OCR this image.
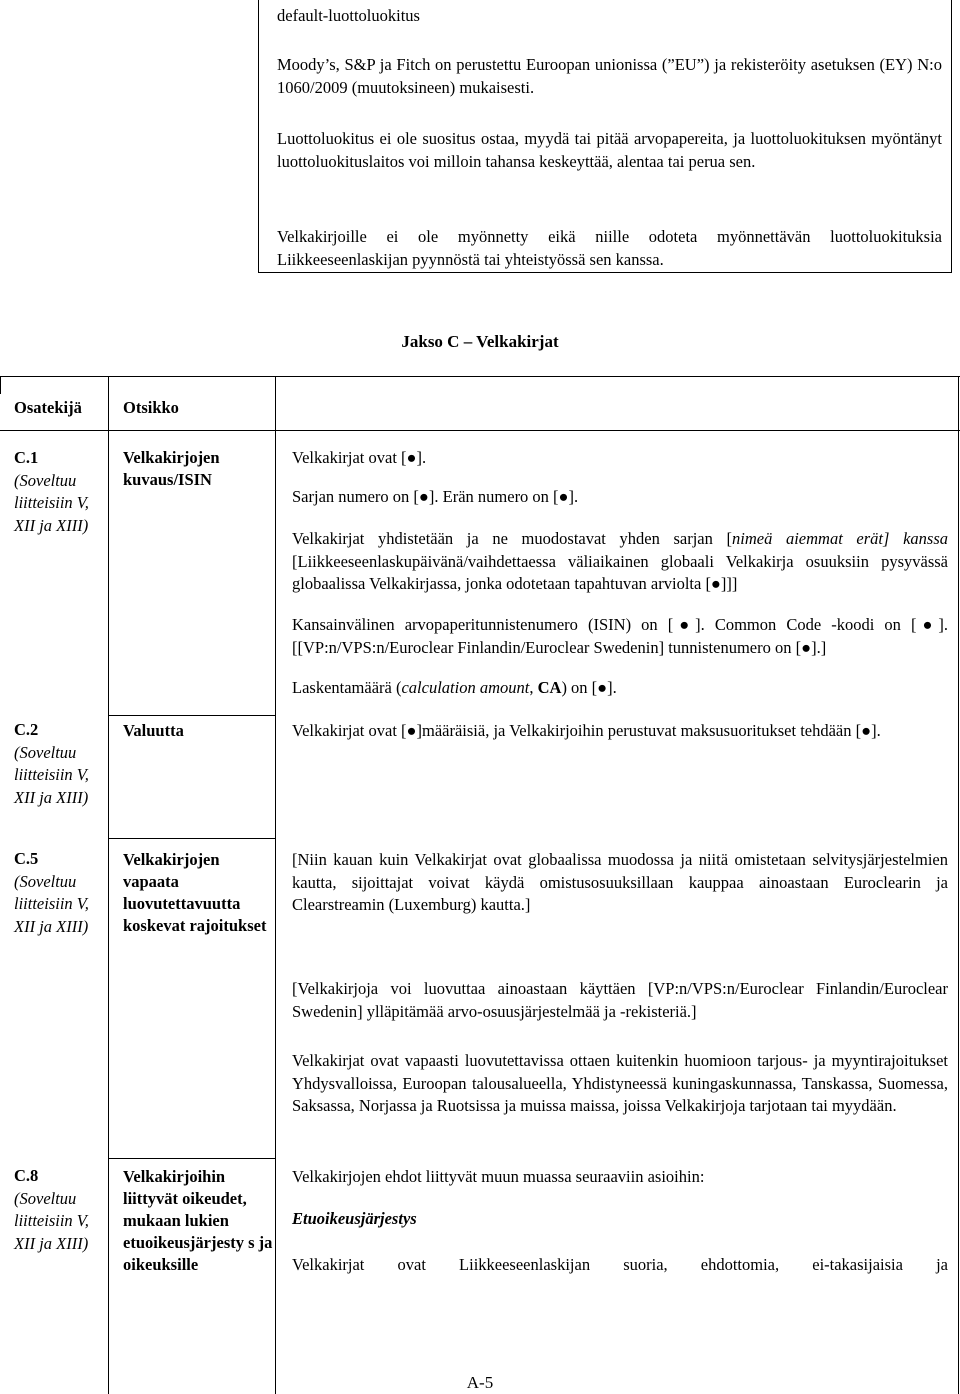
default-luottoluokitus
Moody’s, S&P ja Fitch on perustettu Euroopan unionissa (”EU”) ja rekisteröity asetuksen (EY) N:o 1060/2009 (muutoksineen) mukaisesti.
Luottoluokitus ei ole suositus ostaa, myydä tai pitää arvopapereita, ja luottoluokituksen myöntänyt luottoluokituslaitos voi milloin tahansa keskeyttää, alentaa tai perua sen.
Velkakirjoille ei ole myönnetty eikä niille odoteta myönnettävän luottoluokituksia Liikkeeseenlaskijan pyynnöstä tai yhteistyössä sen kanssa.
Jakso C – Velkakirjat
Osatekijä Otsikko
C.1 (Soveltuu liitteisiin V, XII ja XIII)
Velkakirjojen kuvaus/ISIN
Velkakirjat ovat [●].
Sarjan numero on [●]. Erän numero on [●].
Velkakirjat yhdistetään ja ne muodostavat yhden sarjan [nimeä aiemmat erät] kanssa [Liikkeeseenlaskupäivänä/vaihdettaessa väliaikainen globaali Velkakirja osuuksiin pysyvässä globaalissa Velkakirjassa, jonka odotetaan tapahtuvan arviolta [●]]]
Kansainvälinen arvopaperitunnistenumero (ISIN) on [●]. Common Code -koodi on [●]. [[VP:n/VPS:n/Euroclear Finlandin/Euroclear Swedenin] tunnistenumero on [●].]
Laskentamäärä (calculation amount, CA) on [●].
C.2 (Soveltuu liitteisiin V, XII ja XIII)
Valuutta	Velkakirjat ovat [●]määräisiä, ja Velkakirjoihin perustuvat maksusuoritukset tehdään [●].
C.5 (Soveltuu liitteisiin V, XII ja XIII)
Velkakirjojen vapaata luovutettavuutta koskevat rajoitukset
[Niin kauan kuin Velkakirjat ovat globaalissa muodossa ja niitä omistetaan selvitysjärjestelmien kautta, sijoittajat voivat käydä omistusosuuksillaan kauppaa ainoastaan Euroclearin ja Clearstreamin (Luxemburg) kautta.]
[Velkakirjoja voi luovuttaa ainoastaan käyttäen [VP:n/VPS:n/Euroclear Finlandin/Euroclear Swedenin] ylläpitämää arvo-osuusjärjestelmää ja -rekisteriä.]
Velkakirjat ovat vapaasti luovutettavissa ottaen kuitenkin huomioon tarjous- ja myyntirajoitukset Yhdysvalloissa, Euroopan talousalueella, Yhdistyneessä kuningaskunnassa, Tanskassa, Suomessa, Saksassa, Norjassa ja Ruotsissa ja muissa maissa, joissa Velkakirjoja tarjotaan tai myydään.
C.8 (Soveltuu liitteisiin V, XII ja XIII)
Velkakirjoihin liittyvät oikeudet, mukaan lukien etuoikeusjärjesty s ja oikeuksille
Velkakirjojen ehdot liittyvät muun muassa seuraaviin asioihin:
Etuoikeusjärjestys
Velkakirjat ovat Liikkeeseenlaskijan suoria, ehdottomia, ei-takasijaisia ja
A-5
